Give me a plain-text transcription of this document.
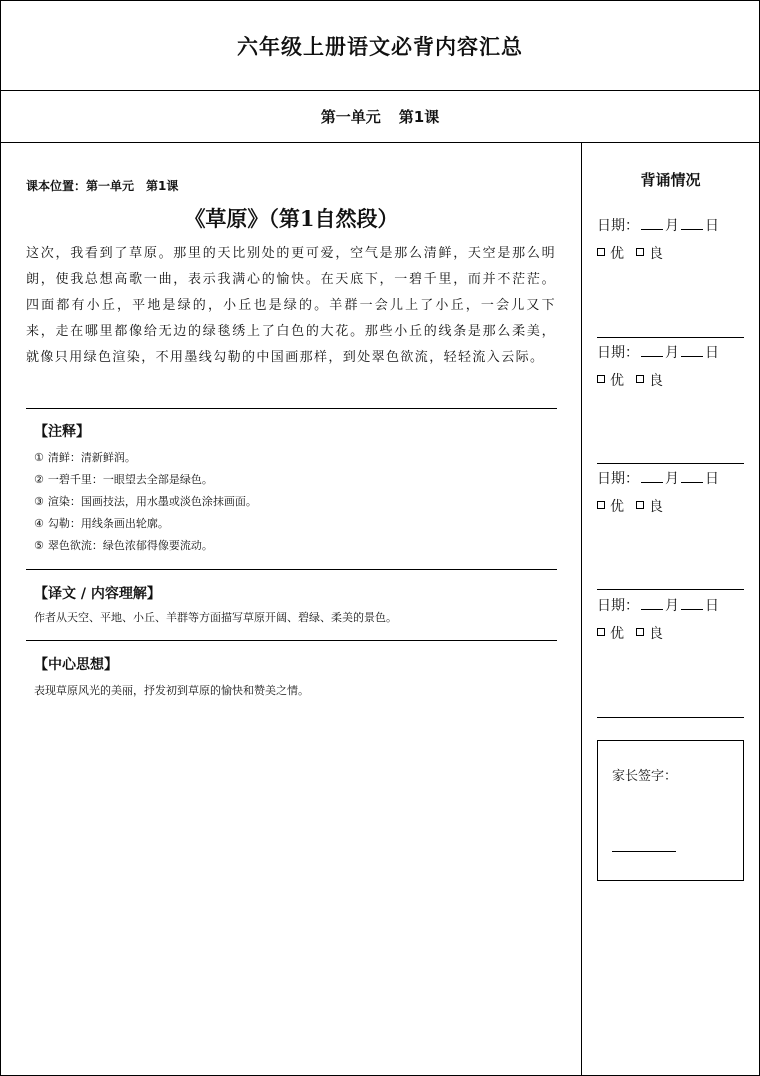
六年级上册语文必背内容汇总
第一单元 第1课
课本位置：第一单元 第1课
《草原》（第1自然段）
这次，我看到了草原。那里的天比别处的更可爱，空气是那么清鲜，天空是那么明朗，使我总想高歌一曲，表示我满心的愉快。在天底下，一碧千里，而并不茫茫。四面都有小丘，平地是绿的，小丘也是绿的。羊群一会儿上了小丘，一会儿又下来，走在哪里都像给无边的绿毯绣上了白色的大花。那些小丘的线条是那么柔美，就像只用绿色渲染，不用墨线勾勒的中国画那样，到处翠色欲流，轻轻流入云际。
【注释】
① 清鲜：清新鲜润。
② 一碧千里：一眼望去全部是绿色。
③ 渲染：国画技法，用水墨或淡色涂抹画面。
④ 勾勒：用线条画出轮廓。
⑤ 翠色欲流：绿色浓郁得像要流动。
【译文 / 内容理解】
作者从天空、平地、小丘、羊群等方面描写草原开阔、碧绿、柔美的景色。
【中心思想】
表现草原风光的美丽，抒发初到草原的愉快和赞美之情。
背诵情况
日期： 月 日
优 良
日期： 月 日
优 良
日期： 月 日
优 良
日期： 月 日
优 良
家长签字：
